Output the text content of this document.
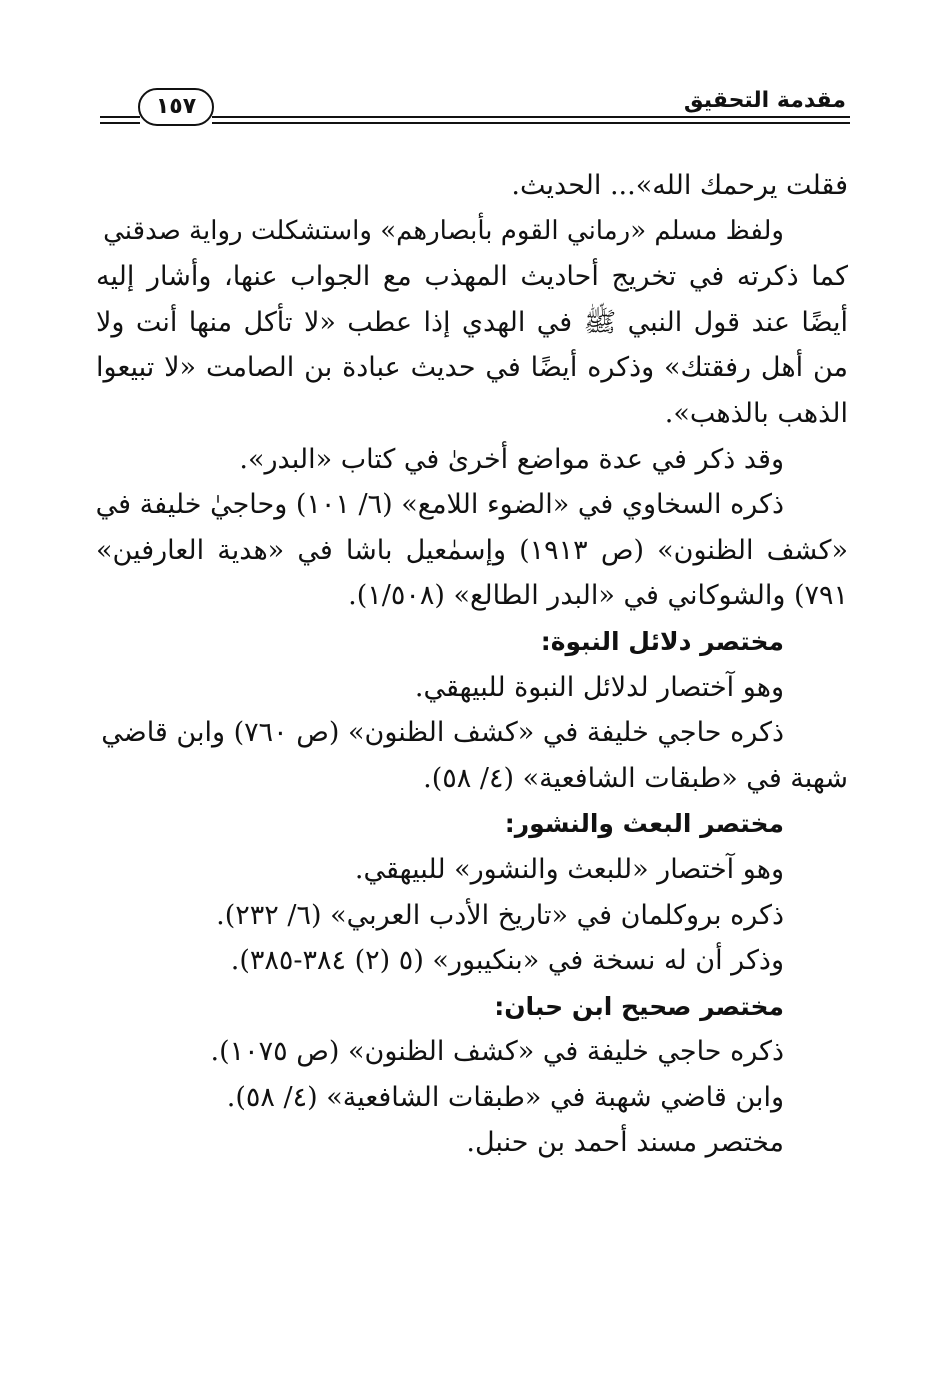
١٥٧	مقدمة التحقيق
فقلت يرحمك الله»... الحديث.
ولفظ مسلم «رماني القوم بأبصارهم» واستشكلت رواية صدقني
كما ذكرته في تخريج أحاديث المهذب مع الجواب عنها، وأشار إليه
أيضًا عند قول النبي ﷺ في الهدي إذا عطب «لا تأكل منها أنت ولا
من أهل رفقتك» وذكره أيضًا في حديث عبادة بن الصامت «لا تبيعوا
الذهب بالذهب».
وقد ذكر في عدة مواضع أخرىٰ في كتاب «البدر».
ذكره السخاوي في «الضوء اللامع» (٦/ ١٠١) وحاجيٰ خليفة في
«كشف الظنون» (ص ١٩١٣) وإسمٰعيل باشا في «هدية العارفين»
٧٩١) والشوكاني في «البدر الطالع» (١/٥٠٨).
مختصر دلائل النبوة:
وهو آختصار لدلائل النبوة للبيهقي.
ذكره حاجي خليفة في «كشف الظنون» (ص ٧٦٠) وابن قاضي
شهبة في «طبقات الشافعية» (٤/ ٥٨).
مختصر البعث والنشور:
وهو آختصار «للبعث والنشور» للبيهقي.
ذكره بروكلمان في «تاريخ الأدب العربي» (٦/ ٢٣٢).
وذكر أن له نسخة في «بنكيبور» (٥ (٢) ٣٨٤-٣٨٥).
مختصر صحيح ابن حبان:
ذكره حاجي خليفة في «كشف الظنون» (ص ١٠٧٥).
وابن قاضي شهبة في «طبقات الشافعية» (٤/ ٥٨).
مختصر مسند أحمد بن حنبل.
